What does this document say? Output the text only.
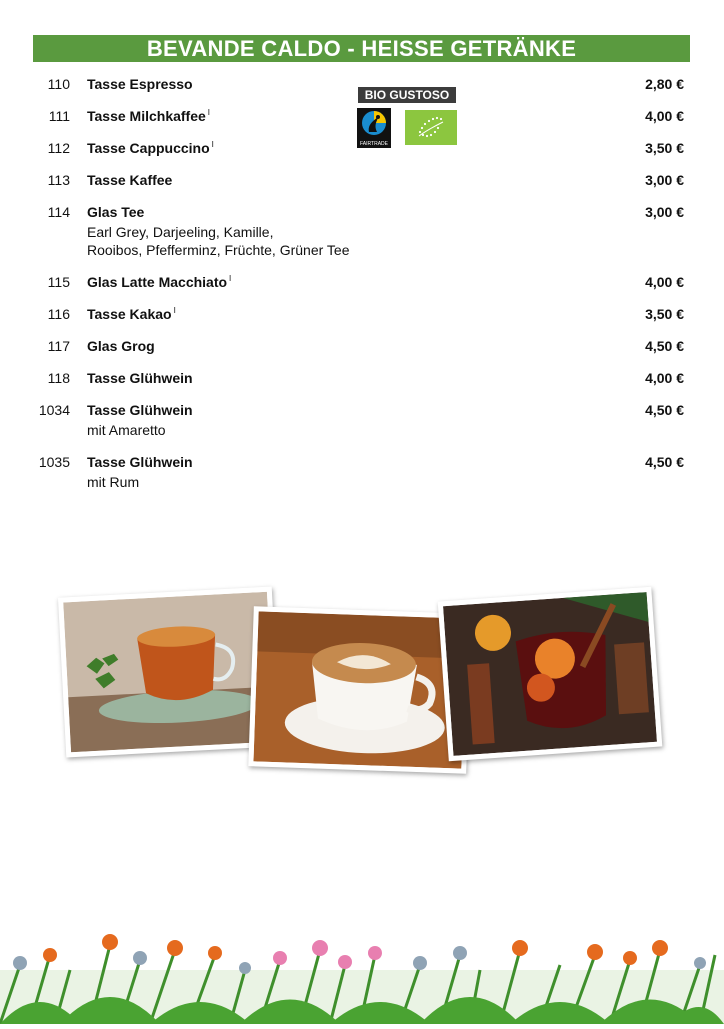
BEVANDE CALDO - HEISSE GETRÄNKE
110 Tasse Espresso	2,80 €
111 Tasse Milchkaffee $^I$	4,00 €
112 Tasse Cappuccino $^I$	3,50 €
113 Tasse Kaffee	3,00 €
114 Glas Tee	3,00 €
Earl Grey, Darjeeling, Kamille,
Rooibos, Pfefferminz, Früchte, Grüner Tee
115 Glas Latte Macchiato $^I$	4,00 €
116 Tasse Kakao $^I$	3,50 €
117 Glas Grog	4,50 €
118 Tasse Glühwein	4,00 €
1034 Tasse Glühwein	4,50 €
mit Amaretto
1035 Tasse Glühwein	4,50 €
mit Rum
BIO GUSTOSO
FAIRTRADE
